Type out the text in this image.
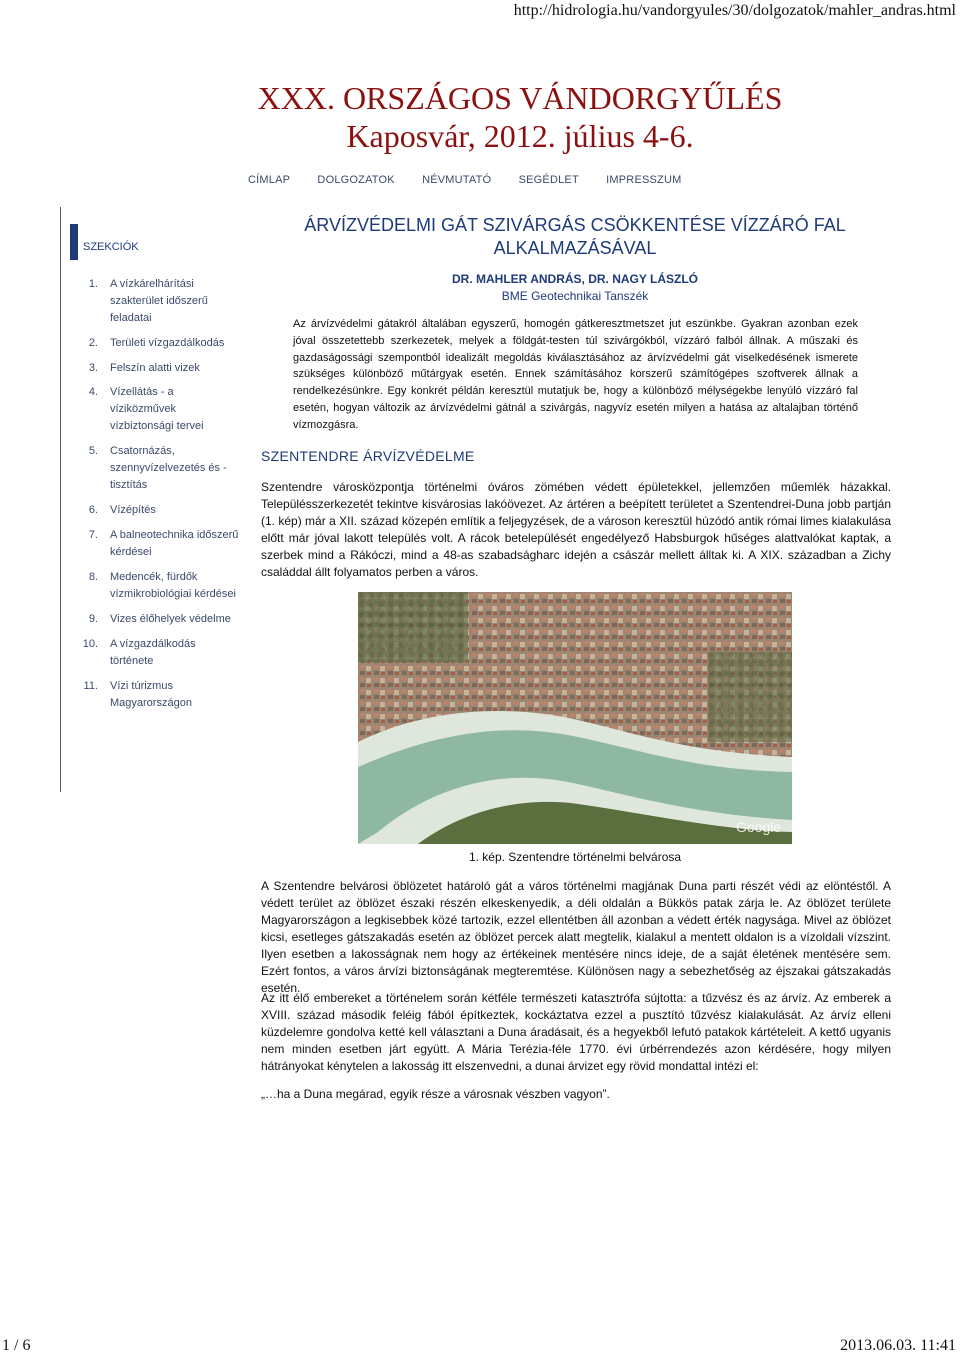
http://hidrologia.hu/vandorgyules/30/dolgozatok/mahler_andras.html
XXX. ORSZÁGOS VÁNDORGYŰLÉS
Kaposvár, 2012. július 4-6.
CÍMLAP DOLGOZATOK NÉVMUTATÓ SEGÉDLET IMPRESSZUM
SZEKCIÓK
1. A vízkárelhárítási szakterület időszerű feladatai
2. Területi vízgazdálkodás
3. Felszín alatti vizek
4. Vízellátás - a víziközművek vízbiztonsági tervei
5. Csatornázás, szennyvízelvezetés és -tisztítás
6. Vízépítés
7. A balneotechnika időszerű kérdései
8. Medencék, fürdők vízmikrobiológiai kérdései
9. Vizes élőhelyek védelme
10. A vízgazdálkodás története
11. Vízi túrizmus Magyarországon
ÁRVÍZVÉDELMI GÁT SZIVÁRGÁS CSÖKKENTÉSE VÍZZÁRÓ FAL ALKALMAZÁSÁVAL
DR. MAHLER ANDRÁS, DR. NAGY LÁSZLÓ
BME Geotechnikai Tanszék
Az árvízvédelmi gátakról általában egyszerű, homogén gátkeresztmetszet jut eszünkbe. Gyakran azonban ezek jóval összetettebb szerkezetek, melyek a földgát-testen túl szivárgókból, vízzáró falból állnak. A műszaki és gazdaságossági szempontból idealizált megoldás kiválasztásához az árvízvédelmi gát viselkedésének ismerete szükséges különböző műtárgyak esetén. Ennek számításához korszerű számítógépes szoftverek állnak a rendelkezésünkre. Egy konkrét példán keresztül mutatjuk be, hogy a különböző mélységekbe lenyúló vízzáró fal esetén, hogyan változik az árvízvédelmi gátnál a szivárgás, nagyvíz esetén milyen a hatása az altalajban történő vízmozgásra.
SZENTENDRE ÁRVÍZVÉDELME
Szentendre városközpontja történelmi óváros zömében védett épületekkel, jellemzően műemlék házakkal. Településszerkezetét tekintve kisvárosias lakóövezet. Az ártéren a beépített területet a Szentendrei-Duna jobb partján (1. kép) már a XII. század közepén említik a feljegyzések, de a városon keresztül húzódó antik római limes kialakulása előtt már jóval lakott település volt. A rácok betelepülését engedélyező Habsburgok hűséges alattvalókat kaptak, a szerbek mind a Rákóczi, mind a 48-as szabadságharc idején a császár mellett álltak ki. A XIX. században a Zichy családdal állt folyamatos perben a város.
Google
1. kép. Szentendre történelmi belvárosa
A Szentendre belvárosi öblözetet határoló gát a város történelmi magjának Duna parti részét védi az elöntéstől. A védett terület az öblözet északi részén elkeskenyedik, a déli oldalán a Bükkös patak zárja le. Az öblözet területe Magyarországon a legkisebbek közé tartozik, ezzel ellentétben áll azonban a védett érték nagysága. Mivel az öblözet kicsi, esetleges gátszakadás esetén az öblözet percek alatt megtelik, kialakul a mentett oldalon is a vízoldali vízszint. Ilyen esetben a lakosságnak nem hogy az értékeinek mentésére nincs ideje, de a saját életének mentésére sem. Ezért fontos, a város árvízi biztonságának megteremtése. Különösen nagy a sebezhetőség az éjszakai gátszakadás esetén.
Az itt élő embereket a történelem során kétféle természeti katasztrófa sújtotta: a tűzvész és az árvíz. Az emberek a XVIII. század második feléig fából építkeztek, kockáztatva ezzel a pusztító tűzvész kialakulását. Az árvíz elleni küzdelemre gondolva ketté kell választani a Duna áradásait, és a hegyekből lefutó patakok kártételeit. A kettő ugyanis nem minden esetben járt együtt. A Mária Terézia-féle 1770. évi úrbérrendezés azon kérdésére, hogy milyen hátrányokat kénytelen a lakosság itt elszenvedni, a dunai árvizet egy rövid mondattal intézi el:
„…ha a Duna megárad, egyik része a városnak vészben vagyon”.
1 / 6	2013.06.03. 11:41
